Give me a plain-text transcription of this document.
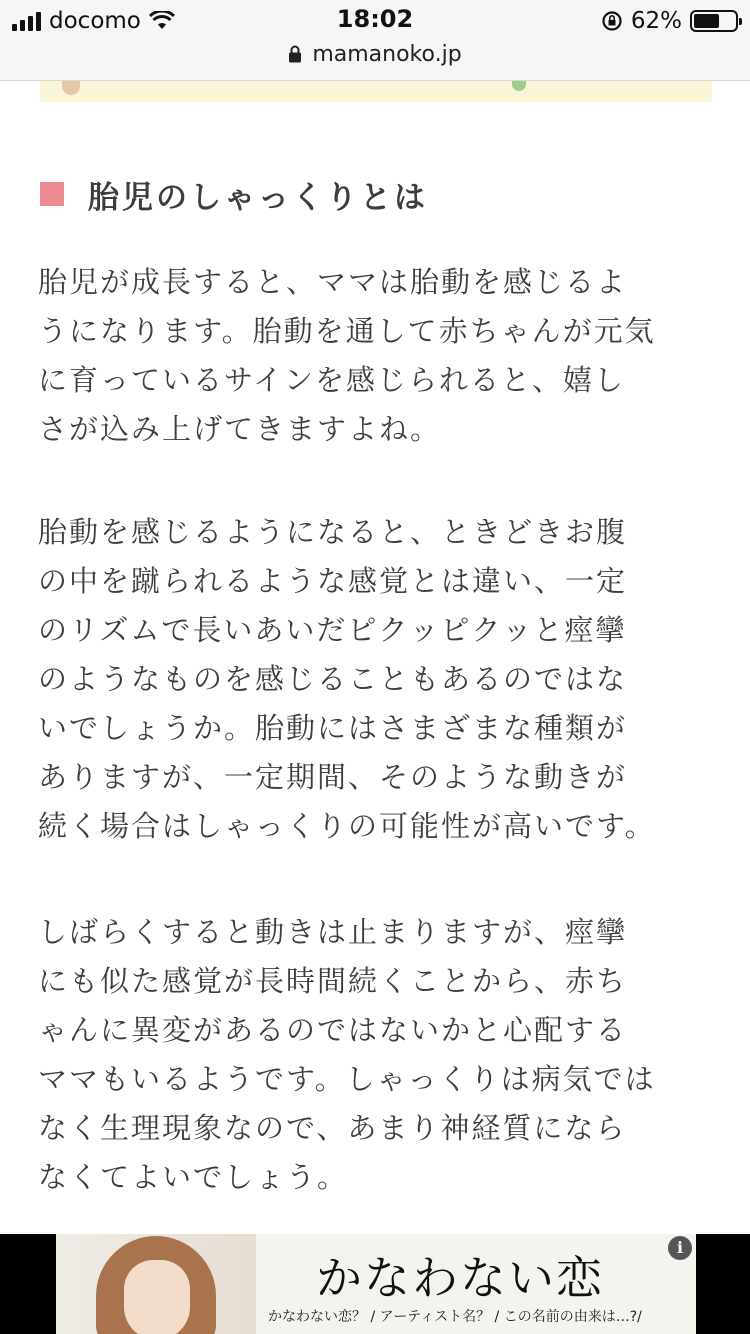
docomo	18:02	62%
mamanoko.jp
胎児のしゃっくりとは

胎児が成長すると、ママは胎動を感じるよ
うになります。胎動を通して赤ちゃんが元気
に育っているサインを感じられると、嬉し
さが込み上げてきますよね。

胎動を感じるようになると、ときどきお腹
の中を蹴られるような感覚とは違い、一定
のリズムで長いあいだピクッピクッと痙攣
のようなものを感じることもあるのではな
いでしょうか。胎動にはさまざまな種類が
ありますが、一定期間、そのような動きが
続く場合はしゃっくりの可能性が高いです。

しばらくすると動きは止まりますが、痙攣
にも似た感覚が長時間続くことから、赤ち
ゃんに異変があるのではないかと心配する
ママもいるようです。しゃっくりは病気では
なく生理現象なので、あまり神経質になら
なくてよいでしょう。

かなわない恋
かなわない恋？ / アーティスト名？ / この名前の由来は…?/
i
